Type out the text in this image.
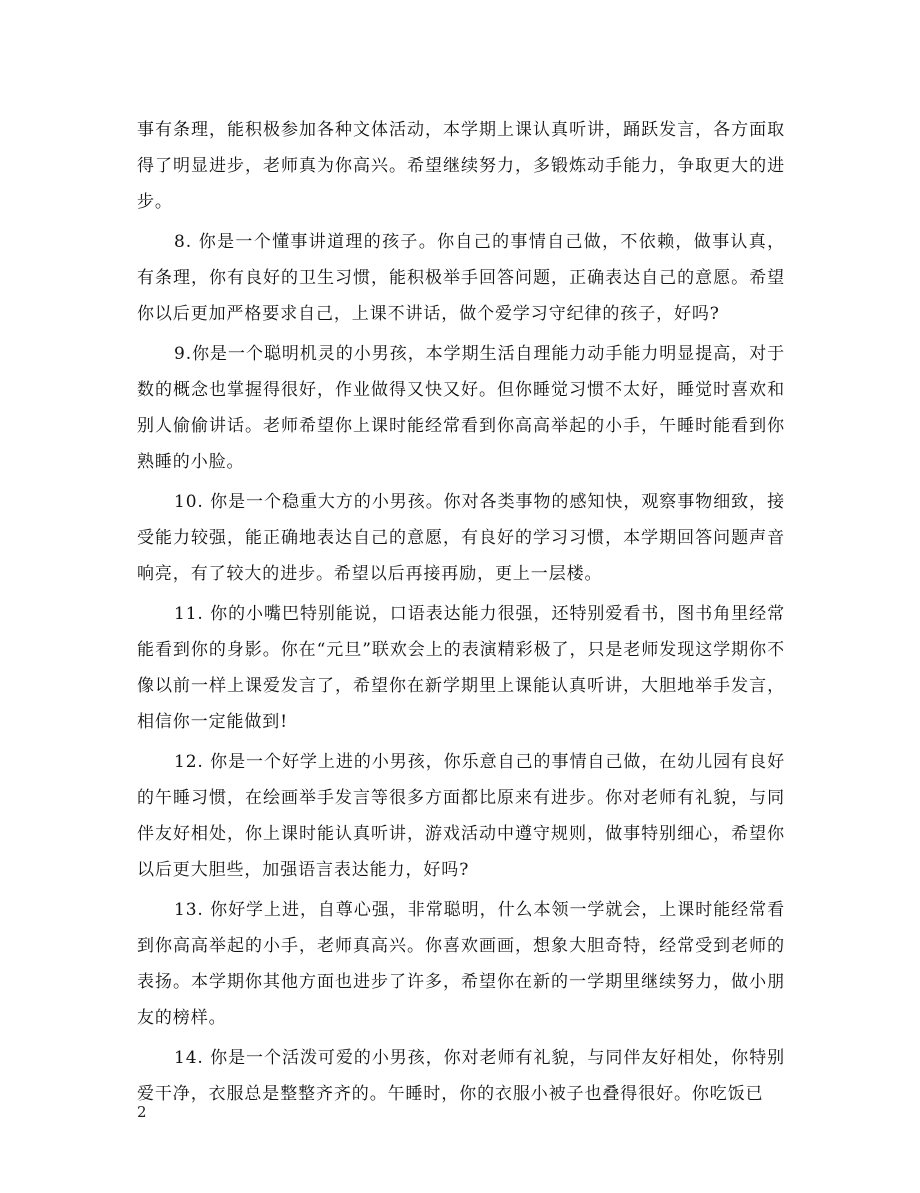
事有条理，能积极参加各种文体活动，本学期上课认真听讲，踊跃发言，各方面取得了明显进步，老师真为你高兴。希望继续努力，多锻炼动手能力，争取更大的进步。

8. 你是一个懂事讲道理的孩子。你自己的事情自己做，不依赖，做事认真，有条理，你有良好的卫生习惯，能积极举手回答问题，正确表达自己的意愿。希望你以后更加严格要求自己，上课不讲话，做个爱学习守纪律的孩子，好吗?

9.你是一个聪明机灵的小男孩，本学期生活自理能力动手能力明显提高，对于数的概念也掌握得很好，作业做得又快又好。但你睡觉习惯不太好，睡觉时喜欢和别人偷偷讲话。老师希望你上课时能经常看到你高高举起的小手，午睡时能看到你熟睡的小脸。

10. 你是一个稳重大方的小男孩。你对各类事物的感知快，观察事物细致，接受能力较强，能正确地表达自己的意愿，有良好的学习习惯，本学期回答问题声音响亮，有了较大的进步。希望以后再接再励，更上一层楼。

11. 你的小嘴巴特别能说，口语表达能力很强，还特别爱看书，图书角里经常能看到你的身影。你在“元旦”联欢会上的表演精彩极了，只是老师发现这学期你不像以前一样上课爱发言了，希望你在新学期里上课能认真听讲，大胆地举手发言，相信你一定能做到!

12. 你是一个好学上进的小男孩，你乐意自己的事情自己做，在幼儿园有良好的午睡习惯，在绘画举手发言等很多方面都比原来有进步。你对老师有礼貌，与同伴友好相处，你上课时能认真听讲，游戏活动中遵守规则，做事特别细心，希望你以后更大胆些，加强语言表达能力，好吗?

13. 你好学上进，自尊心强，非常聪明，什么本领一学就会，上课时能经常看到你高高举起的小手，老师真高兴。你喜欢画画，想象大胆奇特，经常受到老师的表扬。本学期你其他方面也进步了许多，希望你在新的一学期里继续努力，做小朋友的榜样。

14. 你是一个活泼可爱的小男孩，你对老师有礼貌，与同伴友好相处，你特别爱干净，衣服总是整整齐齐的。午睡时，你的衣服小被子也叠得很好。你吃饭已

2
